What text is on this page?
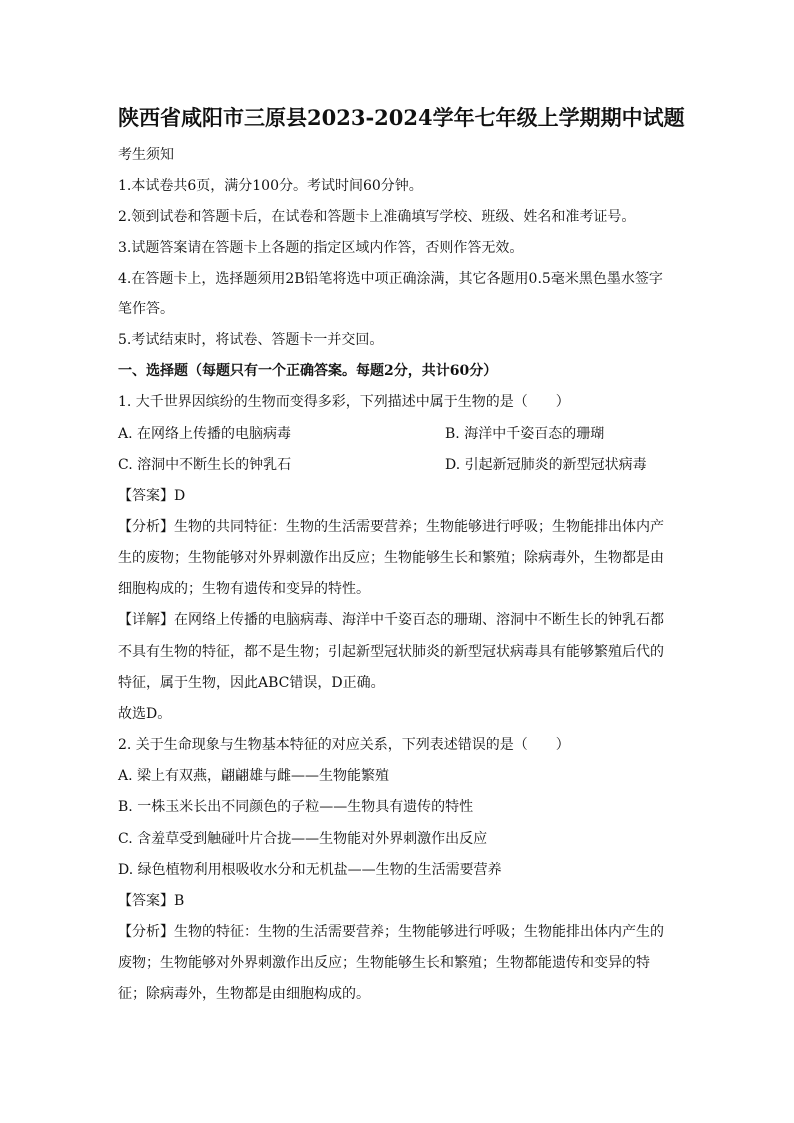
陕西省咸阳市三原县2023-2024学年七年级上学期期中试题
考生须知
1.本试卷共6页，满分100分。考试时间60分钟。
2.领到试卷和答题卡后，在试卷和答题卡上准确填写学校、班级、姓名和准考证号。
3.试题答案请在答题卡上各题的指定区域内作答，否则作答无效。
4.在答题卡上，选择题须用2B铅笔将选中项正确涂满，其它各题用0.5毫米黑色墨水签字
笔作答。
5.考试结束时，将试卷、答题卡一并交回。
一、选择题（每题只有一个正确答案。每题2分，共计60分）
1. 大千世界因缤纷的生物而变得多彩，下列描述中属于生物的是（　　）
A. 在网络上传播的电脑病毒	B. 海洋中千姿百态的珊瑚
C. 溶洞中不断生长的钟乳石	D. 引起新冠肺炎的新型冠状病毒
【答案】D
【分析】生物的共同特征：生物的生活需要营养；生物能够进行呼吸；生物能排出体内产
生的废物；生物能够对外界刺激作出反应；生物能够生长和繁殖；除病毒外，生物都是由
细胞构成的；生物有遗传和变异的特性。
【详解】在网络上传播的电脑病毒、海洋中千姿百态的珊瑚、溶洞中不断生长的钟乳石都
不具有生物的特征，都不是生物；引起新型冠状肺炎的新型冠状病毒具有能够繁殖后代的
特征，属于生物，因此ABC错误，D正确。
故选D。
2. 关于生命现象与生物基本特征的对应关系，下列表述错误的是（　　）
A. 梁上有双燕，翩翩雄与雌——生物能繁殖
B. 一株玉米长出不同颜色的子粒——生物具有遗传的特性
C. 含羞草受到触碰叶片合拢——生物能对外界刺激作出反应
D. 绿色植物利用根吸收水分和无机盐——生物的生活需要营养
【答案】B
【分析】生物的特征：生物的生活需要营养；生物能够进行呼吸；生物能排出体内产生的
废物；生物能够对外界刺激作出反应；生物能够生长和繁殖；生物都能遗传和变异的特
征；除病毒外，生物都是由细胞构成的。
